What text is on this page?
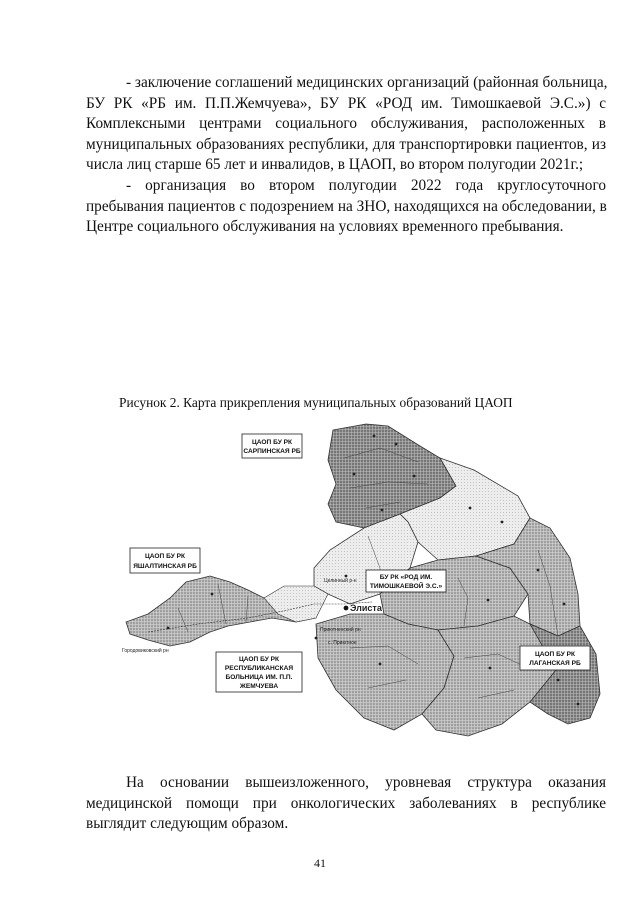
- заключение соглашений медицинских организаций (районная больница,
БУ РК «РБ им. П.П.Жемчуева», БУ РК «РОД им. Тимошкаевой Э.С.») с
Комплексными центрами социального обслуживания, расположенных в
муниципальных образованиях республики, для транспортировки пациентов, из
числа лиц старше 65 лет и инвалидов, в ЦАОП, во втором полугодии 2021г.;
- организация во втором полугодии 2022 года круглосуточного
пребывания пациентов с подозрением на ЗНО, находящихся на обследовании, в
Центре социального обслуживания на условиях временного пребывания.

Рисунок 2. Карта прикрепления муниципальных образований ЦАОП

Приютненский рн
с. Приютное
Целинный р-н
Городовиковский рн
Элиста
ЦАОП БУ РК
САРПИНСКАЯ РБ
ЦАОП БУ РК
ЯШАЛТИНСКАЯ РБ
ЦАОП БУ РК
РЕСПУБЛИКАНСКАЯ
БОЛЬНИЦА ИМ. П.П.
ЖЕМЧУЕВА
БУ РК «РОД ИМ.
ТИМОШКАЕВОЙ Э.С.»
ЦАОП БУ РК
ЛАГАНСКАЯ РБ
На основании вышеизложенного, уровневая структура оказания
медицинской помощи при онкологических заболеваниях в республике
выглядит следующим образом.

41
